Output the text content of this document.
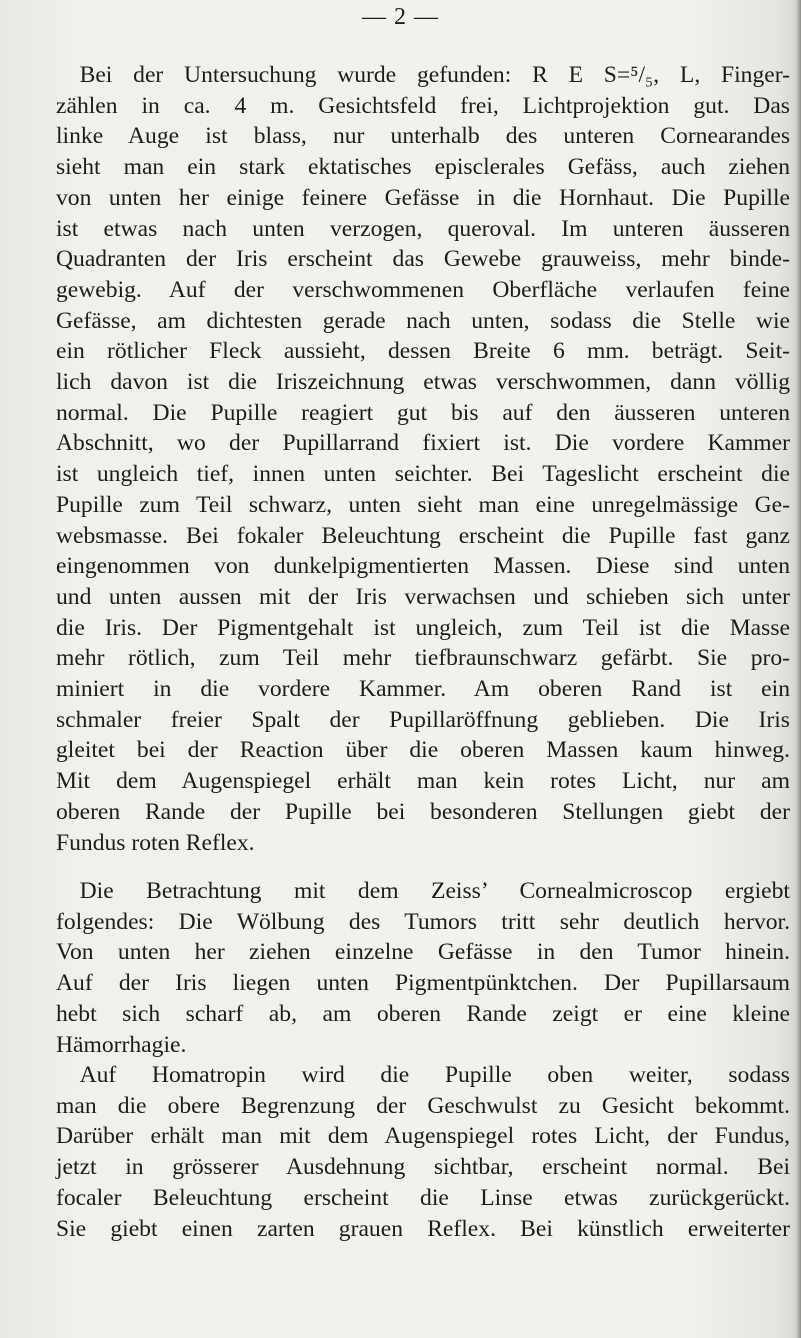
— 2 —
 Bei der Untersuchung wurde gefunden: R E S=⁵/₅, L, Finger-
zählen in ca. 4 m. Gesichtsfeld frei, Lichtprojektion gut. Das
linke Auge ist blass, nur unterhalb des unteren Cornearandes
sieht man ein stark ektatisches episclerales Gefäss, auch ziehen
von unten her einige feinere Gefässe in die Hornhaut. Die Pupille
ist etwas nach unten verzogen, queroval. Im unteren äusseren
Quadranten der Iris erscheint das Gewebe grauweiss, mehr binde-
gewebig. Auf der verschwommenen Oberfläche verlaufen feine
Gefässe, am dichtesten gerade nach unten, sodass die Stelle wie
ein rötlicher Fleck aussieht, dessen Breite 6 mm. beträgt. Seit-
lich davon ist die Iriszeichnung etwas verschwommen, dann völlig
normal. Die Pupille reagiert gut bis auf den äusseren unteren
Abschnitt, wo der Pupillarrand fixiert ist. Die vordere Kammer
ist ungleich tief, innen unten seichter. Bei Tageslicht erscheint die
Pupille zum Teil schwarz, unten sieht man eine unregelmässige Ge-
websmasse. Bei fokaler Beleuchtung erscheint die Pupille fast ganz
eingenommen von dunkelpigmentierten Massen. Diese sind unten
und unten aussen mit der Iris verwachsen und schieben sich unter
die Iris. Der Pigmentgehalt ist ungleich, zum Teil ist die Masse
mehr rötlich, zum Teil mehr tiefbraunschwarz gefärbt. Sie pro-
miniert in die vordere Kammer. Am oberen Rand ist ein
schmaler freier Spalt der Pupillaröffnung geblieben. Die Iris
gleitet bei der Reaction über die oberen Massen kaum hinweg.
Mit dem Augenspiegel erhält man kein rotes Licht, nur am
oberen Rande der Pupille bei besonderen Stellungen giebt der
Fundus roten Reflex.
 Die Betrachtung mit dem Zeiss’ Cornealmicroscop ergiebt
folgendes: Die Wölbung des Tumors tritt sehr deutlich hervor.
Von unten her ziehen einzelne Gefässe in den Tumor hinein.
Auf der Iris liegen unten Pigmentpünktchen. Der Pupillarsaum
hebt sich scharf ab, am oberen Rande zeigt er eine kleine
Hämorrhagie.
 Auf Homatropin wird die Pupille oben weiter, sodass
man die obere Begrenzung der Geschwulst zu Gesicht bekommt.
Darüber erhält man mit dem Augenspiegel rotes Licht, der Fundus,
jetzt in grösserer Ausdehnung sichtbar, erscheint normal. Bei
focaler Beleuchtung erscheint die Linse etwas zurückgerückt.
Sie giebt einen zarten grauen Reflex. Bei künstlich erweiterter
